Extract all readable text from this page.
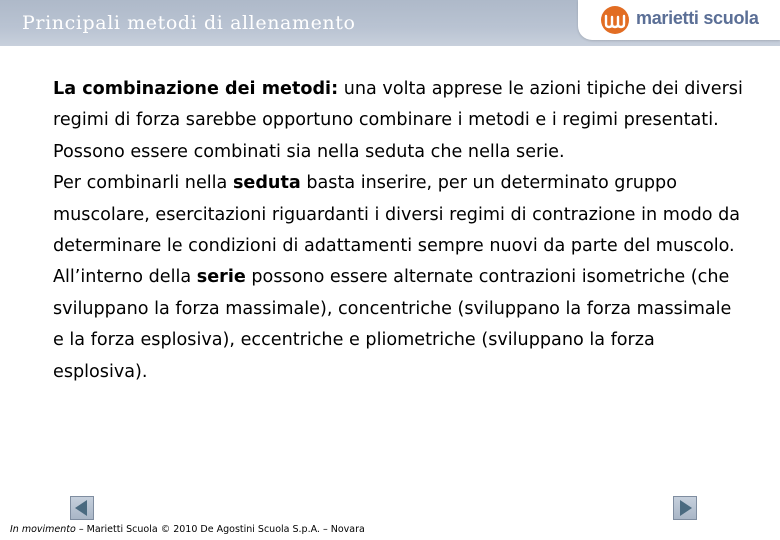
Principali metodi di allenamento	marietti scuola

La combinazione dei metodi: una volta apprese le azioni tipiche dei diversi regimi di forza sarebbe opportuno combinare i metodi e i regimi presentati. Possono essere combinati sia nella seduta che nella serie.

Per combinarli nella seduta basta inserire, per un determinato gruppo muscolare, esercitazioni riguardanti i diversi regimi di contrazione in modo da determinare le condizioni di adattamenti sempre nuovi da parte del muscolo. All’interno della serie possono essere alternate contrazioni isometriche (che sviluppano la forza massimale), concentriche (sviluppano la forza massimale e la forza esplosiva), eccentriche e pliometriche (sviluppano la forza esplosiva).

In movimento – Marietti Scuola © 2010 De Agostini Scuola S.p.A. – Novara
